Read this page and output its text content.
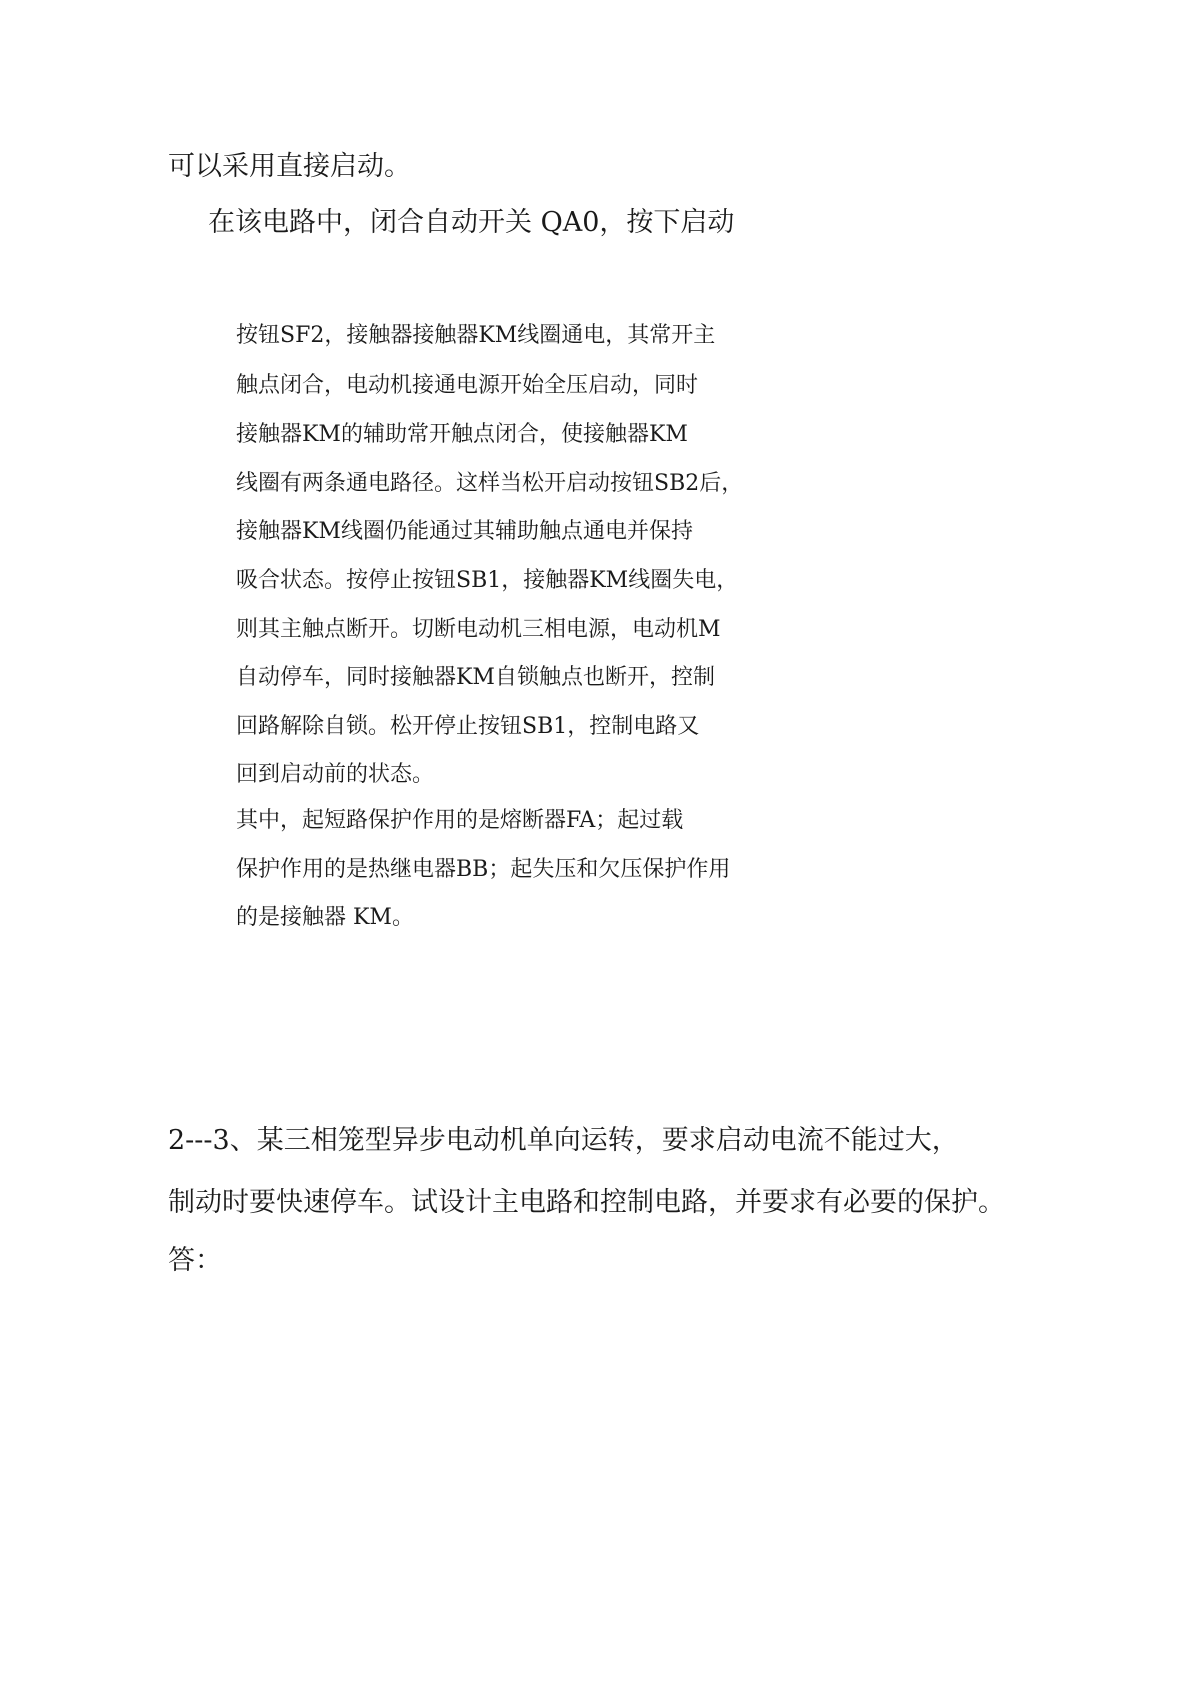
可以采用直接启动。

在该电路中，闭合自动开关 QA0，按下启动

按钮SF2，接触器接触器KM线圈通电，其常开主

触点闭合，电动机接通电源开始全压启动，同时

接触器KM的辅助常开触点闭合，使接触器KM

线圈有两条通电路径。这样当松开启动按钮SB2后，

接触器KM线圈仍能通过其辅助触点通电并保持

吸合状态。按停止按钮SB1，接触器KM线圈失电，

则其主触点断开。切断电动机三相电源，电动机M

自动停车，同时接触器KM自锁触点也断开，控制

回路解除自锁。松开停止按钮SB1，控制电路又

回到启动前的状态。

其中，起短路保护作用的是熔断器FA；起过载

保护作用的是热继电器BB；起失压和欠压保护作用

的是接触器 KM。

2---3、某三相笼型异步电动机单向运转，要求启动电流不能过大，

制动时要快速停车。试设计主电路和控制电路，并要求有必要的保护。

答：
